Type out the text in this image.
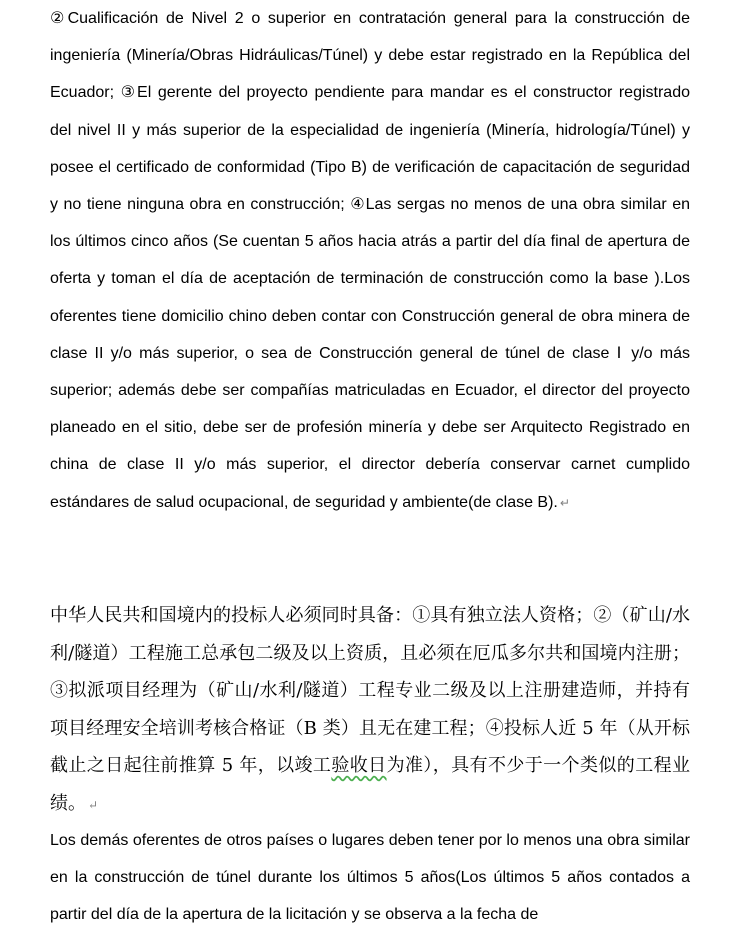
②Cualificación de Nivel 2 o superior en contratación general para la construcción de ingeniería (Minería/Obras Hidráulicas/Túnel) y debe estar registrado en la República del Ecuador; ③El gerente del proyecto pendiente para mandar es el constructor registrado del nivel II y más superior de la especialidad de ingeniería (Minería, hidrología/Túnel) y posee el certificado de conformidad (Tipo B) de verificación de capacitación de seguridad y no tiene ninguna obra en construcción; ④Las sergas no menos de una obra similar en los últimos cinco años (Se cuentan 5 años hacia atrás a partir del día final de apertura de oferta y toman el día de aceptación de terminación de construcción como la base ).Los oferentes tiene domicilio chino deben contar con Construcción general de obra minera de clase II y/o más superior, o sea de Construcción general de túnel de clase Ⅰ y/o más superior; además debe ser compañías matriculadas en Ecuador, el director del proyecto planeado en el sitio, debe ser de profesión minería y debe ser Arquitecto Registrado en china de clase II y/o más superior, el director debería conservar carnet cumplido estándares de salud ocupacional, de seguridad y ambiente(de clase B). ↵

中华人民共和国境内的投标人必须同时具备：①具有独立法人资格；②（矿山/水利/隧道）工程施工总承包二级及以上资质，且必须在厄瓜多尔共和国境内注册；③拟派项目经理为（矿山/水利/隧道）工程专业二级及以上注册建造师，并持有项目经理安全培训考核合格证（B 类）且无在建工程；④投标人近 5 年（从开标截止之日起往前推算 5 年，以竣工验收日为准），具有不少于一个类似的工程业绩。 ↵

Los demás oferentes de otros países o lugares deben tener por lo menos una obra similar en la construcción de túnel durante los últimos 5 años(Los últimos 5 años contados a partir del día de la apertura de la licitación y se observa a la fecha de
